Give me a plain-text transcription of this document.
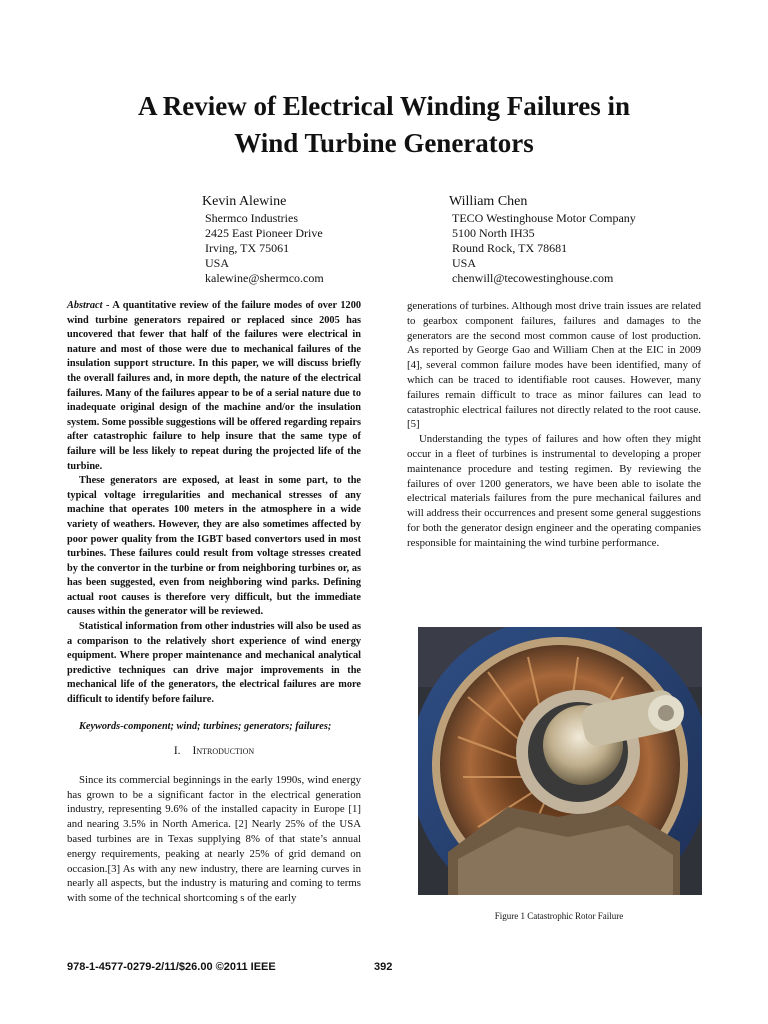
A Review of Electrical Winding Failures in
Wind Turbine Generators
Kevin Alewine
Shermco Industries
2425 East Pioneer Drive
Irving, TX 75061
USA
kalewine@shermco.com
William Chen
TECO Westinghouse Motor Company
5100 North IH35
Round Rock, TX 78681
USA
chenwill@tecowestinghouse.com

Abstract - A quantitative review of the failure modes of over 1200 wind turbine generators repaired or replaced since 2005 has uncovered that fewer that half of the failures were electrical in nature and most of those were due to mechanical failures of the insulation support structure. In this paper, we will discuss briefly the overall failures and, in more depth, the nature of the electrical failures. Many of the failures appear to be of a serial nature due to inadequate original design of the machine and/or the insulation system. Some possible suggestions will be offered regarding repairs after catastrophic failure to help insure that the same type of failure will be less likely to repeat during the projected life of the turbine.

These generators are exposed, at least in some part, to the typical voltage irregularities and mechanical stresses of any machine that operates 100 meters in the atmosphere in a wide variety of weathers. However, they are also sometimes affected by poor power quality from the IGBT based convertors used in most turbines. These failures could result from voltage stresses created by the convertor in the turbine or from neighboring turbines or, as has been suggested, even from neighboring wind parks. Defining actual root causes is therefore very difficult, but the immediate causes within the generator will be reviewed.

Statistical information from other industries will also be used as a comparison to the relatively short experience of wind energy equipment. Where proper maintenance and mechanical analytical predictive techniques can drive major improvements in the mechanical life of the generators, the electrical failures are more difficult to identify before failure.

Keywords-component; wind; turbines; generators; failures;

I. Introduction

Since its commercial beginnings in the early 1990s, wind energy has grown to be a significant factor in the electrical generation industry, representing 9.6% of the installed capacity in Europe [1] and nearing 3.5% in North America. [2] Nearly 25% of the USA based turbines are in Texas supplying 8% of that state’s annual energy requirements, peaking at nearly 25% of grid demand on occasion.[3] As with any new industry, there are learning curves in nearly all aspects, but the industry is maturing and coming to terms with some of the technical shortcoming s of the early

generations of turbines. Although most drive train issues are related to gearbox component failures, failures and damages to the generators are the second most common cause of lost production. As reported by George Gao and William Chen at the EIC in 2009 [4], several common failure modes have been identified, many of which can be traced to identifiable root causes. However, many failures remain difficult to trace as minor failures can lead to catastrophic electrical failures not directly related to the root cause. [5]

Understanding the types of failures and how often they might occur in a fleet of turbines is instrumental to developing a proper maintenance procedure and testing regimen. By reviewing the failures of over 1200 generators, we have been able to isolate the electrical materials failures from the pure mechanical failures and will address their occurrences and present some general suggestions for both the generator design engineer and the operating companies responsible for maintaining the wind turbine performance.

Figure 1 Catastrophic Rotor Failure
978-1-4577-0279-2/11/$26.00 ©2011 IEEE	392
